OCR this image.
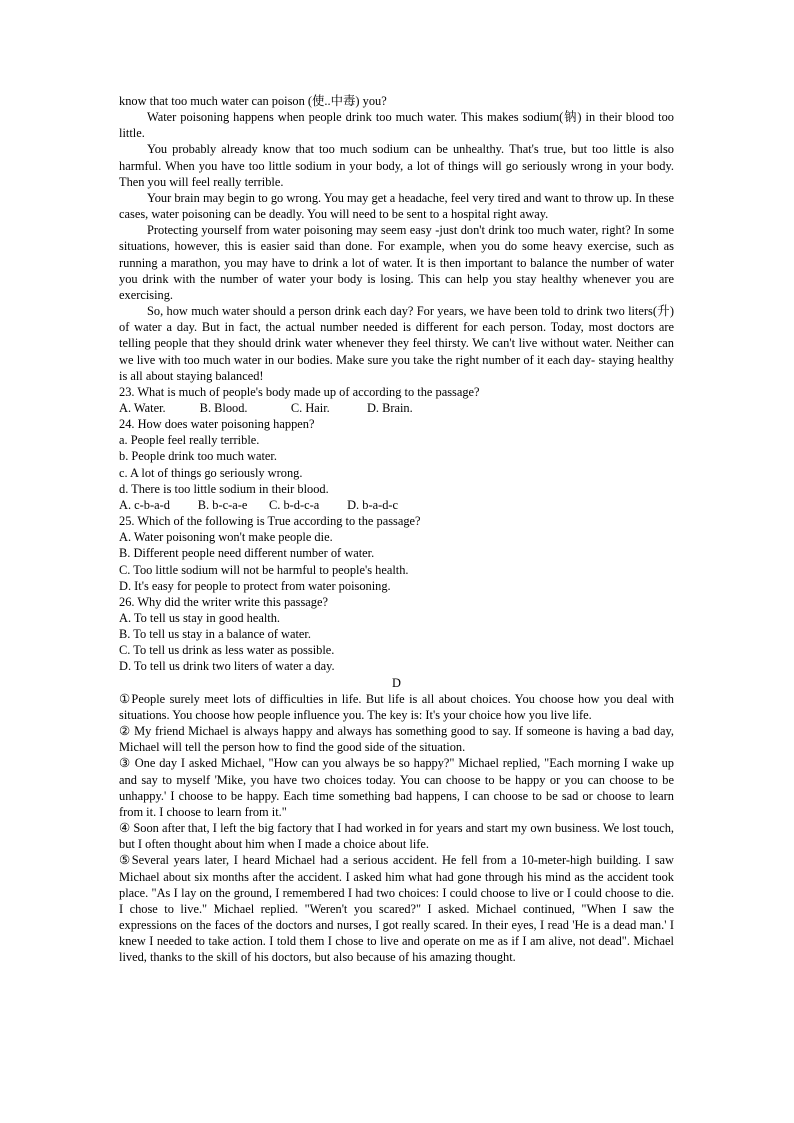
know that too much water can poison (使..中毒) you?

Water poisoning happens when people drink too much water. This makes sodium(钠) in their blood too little.

You probably already know that too much sodium can be unhealthy. That's true, but too little is also harmful. When you have too little sodium in your body, a lot of things will go seriously wrong in your body. Then you will feel really terrible.

Your brain may begin to go wrong. You may get a headache, feel very tired and want to throw up. In these cases, water poisoning can be deadly. You will need to be sent to a hospital right away.

Protecting yourself from water poisoning may seem easy -just don't drink too much water, right? In some situations, however, this is easier said than done. For example, when you do some heavy exercise, such as running a marathon, you may have to drink a lot of water. It is then important to balance the number of water you drink with the number of water your body is losing. This can help you stay healthy whenever you are exercising.

So, how much water should a person drink each day? For years, we have been told to drink two liters(升) of water a day. But in fact, the actual number needed is different for each person. Today, most doctors are telling people that they should drink water whenever they feel thirsty. We can't live without water. Neither can we live with too much water in our bodies. Make sure you take the right number of it each day- staying healthy is all about staying balanced!

23. What is much of people's body made up of according to the passage?

A. Water.           B. Blood.              C. Hair.            D. Brain.

24. How does water poisoning happen?

a. People feel really terrible.

b. People drink too much water.

c. A lot of things go seriously wrong.

d. There is too little sodium in their blood.

A. c-b-a-d         B. b-c-a-e       C. b-d-c-a         D. b-a-d-c

25. Which of the following is True according to the passage?

A. Water poisoning won't make people die.

B. Different people need different number of water.

C. Too little sodium will not be harmful to people's health.

D. It's easy for people to protect from water poisoning.

26. Why did the writer write this passage?

A. To tell us stay in good health.

B. To tell us stay in a balance of water.

C. To tell us drink as less water as possible.

D. To tell us drink two liters of water a day.

D

①People surely meet lots of difficulties in life. But life is all about choices. You choose how you deal with situations. You choose how people influence you. The key is: It's your choice how you live life.

② My friend Michael is always happy and always has something good to say. If someone is having a bad day, Michael will tell the person how to find the good side of the situation.

③ One day I asked Michael, "How can you always be so happy?" Michael replied, "Each morning I wake up and say to myself 'Mike, you have two choices today. You can choose to be happy or you can choose to be unhappy.' I choose to be happy. Each time something bad happens, I can choose to be sad or choose to learn from it. I choose to learn from it."

④ Soon after that, I left the big factory that I had worked in for years and start my own business. We lost touch, but I often thought about him when I made a choice about life.

⑤Several years later, I heard Michael had a serious accident. He fell from a 10-meter-high building. I saw Michael about six months after the accident. I asked him what had gone through his mind as the accident took place. "As I lay on the ground, I remembered I had two choices: I could choose to live or I could choose to die. I chose to live." Michael replied. "Weren't you scared?" I asked. Michael continued, "When I saw the expressions on the faces of the doctors and nurses, I got really scared. In their eyes, I read 'He is a dead man.' I knew I needed to take action. I told them I chose to live and operate on me as if I am alive, not dead". Michael lived, thanks to the skill of his doctors, but also because of his amazing thought.
